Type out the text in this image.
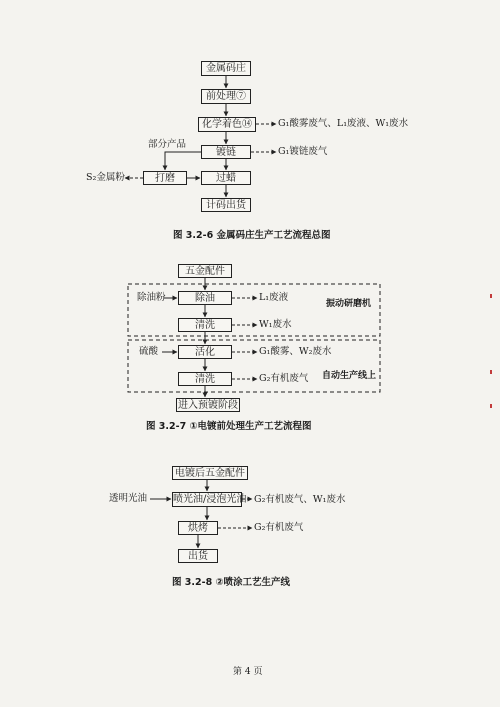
金属码庄
前处理⑦
化学着色⑭
镀链
打磨	过蜡
计码出货
G₁酸雾废气、L₁废液、W₁废水
G₁镀链废气
部分产品
S₂金属粉
图 3.2-6 金属码庄生产工艺流程总图
五金配件
除油
清洗
活化
清洗
进入预镀阶段
除油粉
硫酸
L₁废液
W₁废水
G₁酸雾、W₂废水
G₂有机废气
振动研磨机
自动生产线上
图 3.2-7 ①电镀前处理生产工艺流程图
电镀后五金配件
喷光油/浸泡光油
烘烤
出货
透明光油	G₂有机废气、W₁废水
G₂有机废气
图 3.2-8 ②喷涂工艺生产线
第 4 页
